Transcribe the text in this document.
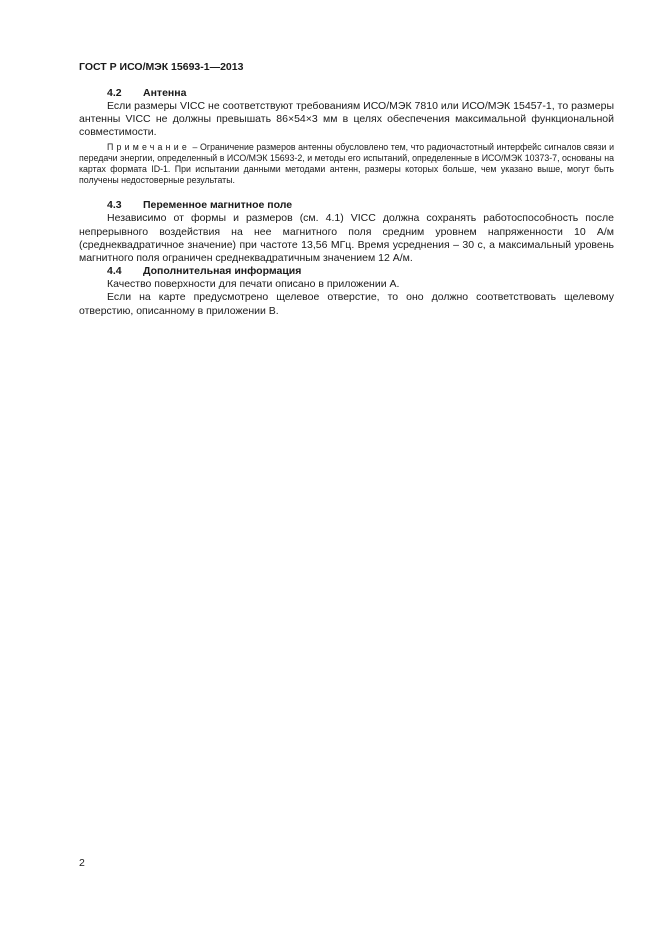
ГОСТ Р ИСО/МЭК 15693-1—2013
4.2 Антенна

Если размеры VICC не соответствуют требованиям ИСО/МЭК 7810 или ИСО/МЭК 15457-1, то размеры антенны VICC не должны превышать 86×54×3 мм в целях обеспечения максимальной функциональной совместимости.

Примечание – Ограничение размеров антенны обусловлено тем, что радиочастотный интерфейс сигналов связи и передачи энергии, определенный в ИСО/МЭК 15693-2, и методы его испытаний, определенные в ИСО/МЭК 10373-7, основаны на картах формата ID-1. При испытании данными методами антенн, размеры которых больше, чем указано выше, могут быть получены недостоверные результаты.
4.3 Переменное магнитное поле

Независимо от формы и размеров (см. 4.1) VICC должна сохранять работоспособность после непрерывного воздействия на нее магнитного поля средним уровнем напряженности 10 А/м (среднеквадратичное значение) при частоте 13,56 МГц. Время усреднения – 30 с, а максимальный уровень магнитного поля ограничен среднеквадратичным значением 12 А/м.

4.4 Дополнительная информация

Качество поверхности для печати описано в приложении А.

Если на карте предусмотрено щелевое отверстие, то оно должно соответствовать щелевому отверстию, описанному в приложении В.

2
